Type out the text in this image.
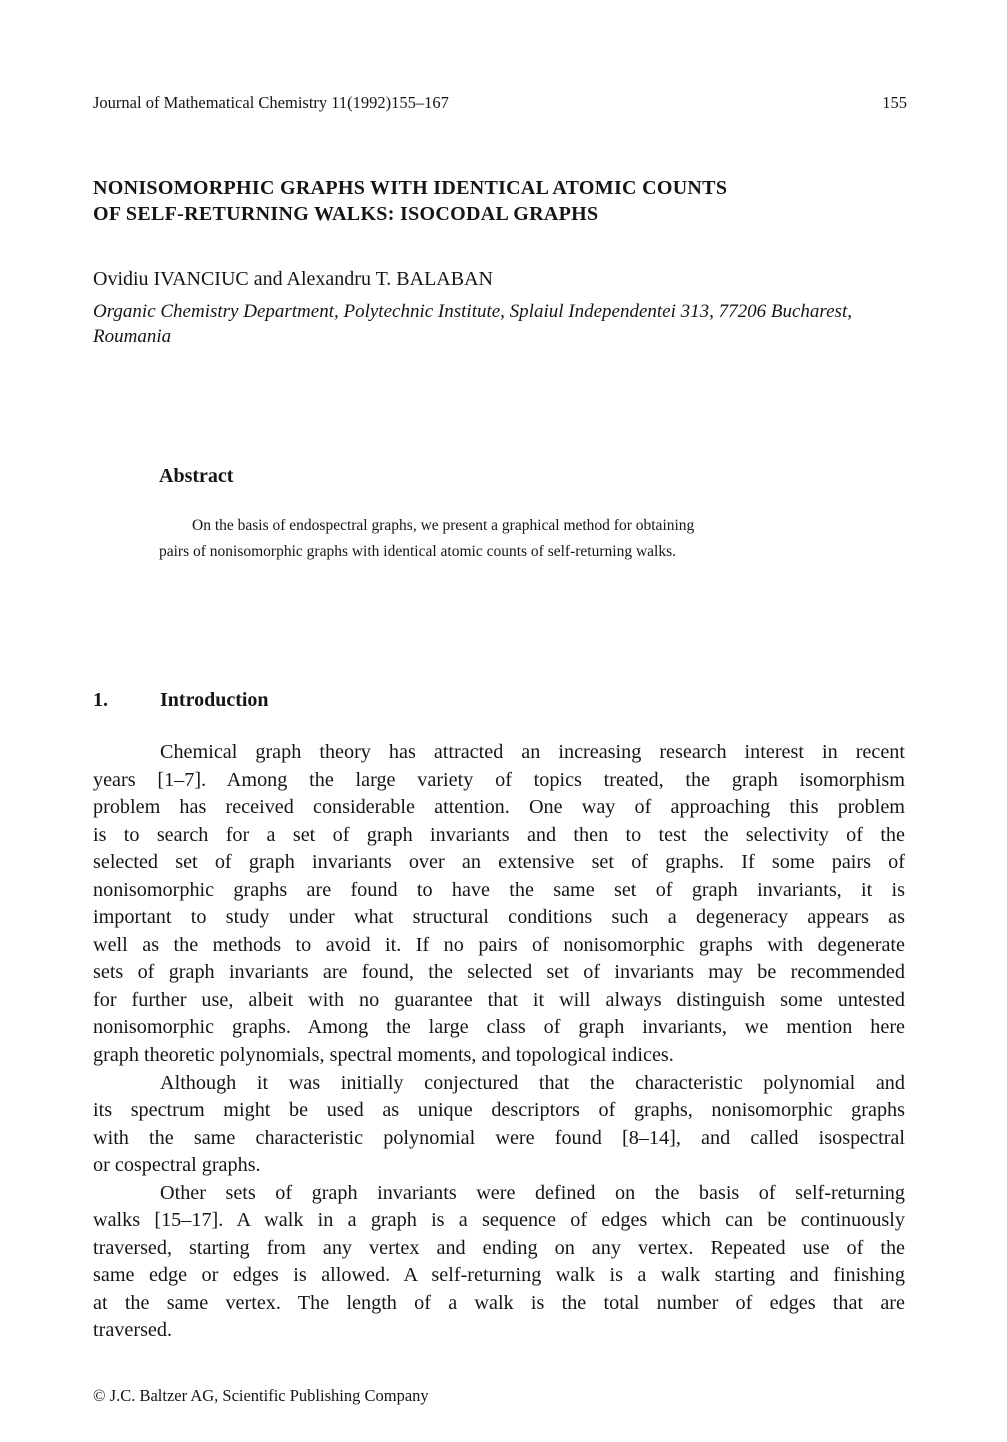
Journal of Mathematical Chemistry 11(1992)155–167	155
NONISOMORPHIC GRAPHS WITH IDENTICAL ATOMIC COUNTS
OF SELF-RETURNING WALKS: ISOCODAL GRAPHS
Ovidiu IVANCIUC and Alexandru T. BALABAN
Organic Chemistry Department, Polytechnic Institute, Splaiul Independentei 313, 77206 Bucharest,
Roumania
Abstract
On the basis of endospectral graphs, we present a graphical method for obtaining
pairs of nonisomorphic graphs with identical atomic counts of self-returning walks.
1.	Introduction
Chemical graph theory has attracted an increasing research interest in recent
years [1–7]. Among the large variety of topics treated, the graph isomorphism
problem has received considerable attention. One way of approaching this problem
is to search for a set of graph invariants and then to test the selectivity of the
selected set of graph invariants over an extensive set of graphs. If some pairs of
nonisomorphic graphs are found to have the same set of graph invariants, it is
important to study under what structural conditions such a degeneracy appears as
well as the methods to avoid it. If no pairs of nonisomorphic graphs with degenerate
sets of graph invariants are found, the selected set of invariants may be recommended
for further use, albeit with no guarantee that it will always distinguish some untested
nonisomorphic graphs. Among the large class of graph invariants, we mention here
graph theoretic polynomials, spectral moments, and topological indices.
Although it was initially conjectured that the characteristic polynomial and
its spectrum might be used as unique descriptors of graphs, nonisomorphic graphs
with the same characteristic polynomial were found [8–14], and called isospectral
or cospectral graphs.
Other sets of graph invariants were defined on the basis of self-returning
walks [15–17]. A walk in a graph is a sequence of edges which can be continuously
traversed, starting from any vertex and ending on any vertex. Repeated use of the
same edge or edges is allowed. A self-returning walk is a walk starting and finishing
at the same vertex. The length of a walk is the total number of edges that are
traversed.
© J.C. Baltzer AG, Scientific Publishing Company
